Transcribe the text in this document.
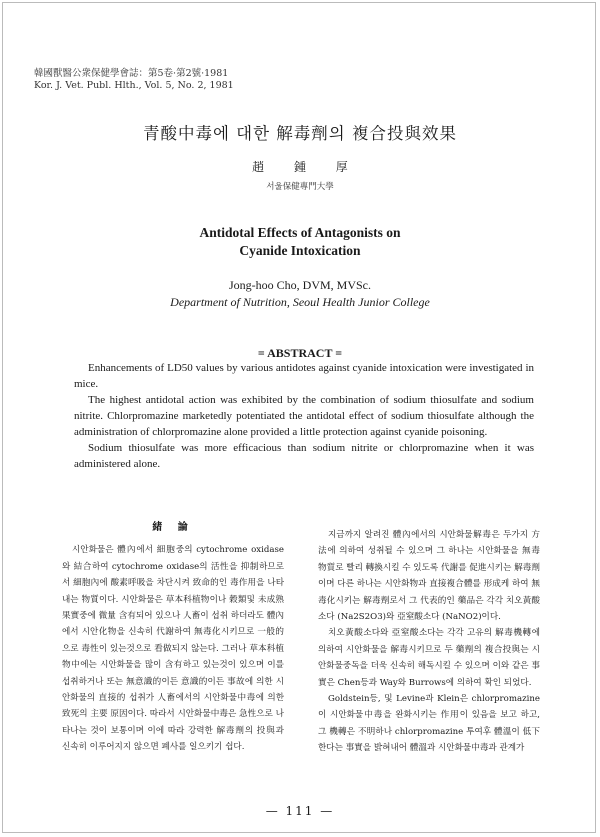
韓國獸醫公衆保健學會誌：第5卷·第2號·1981
Kor. J. Vet. Publ. Hlth., Vol. 5, No. 2, 1981
青酸中毒에 대한 解毒劑의 複合投與效果
趙 鍾 厚
서울保健專門大學
Antidotal Effects of Antagonists on
Cyanide Intoxication
Jong-hoo Cho, DVM, MVSc.
Department of Nutrition, Seoul Health Junior College
= ABSTRACT =

Enhancements of LD50 values by various antidotes against cyanide intoxication were investigated in mice.

The highest antidotal action was exhibited by the combination of sodium thiosulfate and sodium nitrite. Chlorpromazine marketedly potentiated the antidotal effect of sodium thiosulfate although the administration of chlorpromazine alone provided a little protection against cyanide poisoning.

Sodium thiosulfate was more efficacious than sodium nitrite or chlorpromazine when it was administered alone.

緒 論

시안화물은 體內에서 細胞중의 cytochrome oxidase와 結合하여 cytochrome oxidase의 活性을 抑制하므로서 細胞內에 酸素呼吸을 차단시켜 致命的인 毒作用을 나타내는 物質이다. 시안화물은 草本科植物이나 穀類및 未成熟果實중에 微量 含有되어 있으나 人畜이 섭취 하더라도 體內에서 시안化物을 신속히 代謝하여 無毒化시키므로 一般的으로 毒性이 있는것으로 看做되지 않는다. 그러나 草本科植物中에는 시안화물을 많이 含有하고 있는것이 있으며 이를 섭취하거나 또는 無意識的이든 意識的이든 事故에 의한 시안화물의 直接的 섭취가 人畜에서의 시안화물中毒에 의한 致死의 主要 原因이다. 따라서 시안화물中毒은 急性으로 나타나는 것이 보통이며 이에 따라 강력한 解毒劑의 投與과 신속히 이루어지지 않으면 폐사를 일으키기 쉽다.

지금까지 알려진 體內에서의 시안화물解毒은 두가지 方法에 의하여 성취될 수 있으며 그 하나는 시안화물을 無毒物質로 빨리 轉換시킬 수 있도록 代謝를 促進시키는 解毒劑 이며 다른 하나는 시안화物과 直接複合體를 形成케 하여 無毒化시키는 解毒劑로서 그 代表的인 藥品은 각각 치오黃酸소다 (Na2S2O3)와 亞窒酸소다 (NaNO2)이다.

치오黃酸소다와 亞窒酸소다는 각각 고유의 解毒機轉에 의하여 시안화물을 解毒시키므로 두 藥劑의 複合投與는 시안화물중독을 더욱 신속히 해독시킬 수 있으며 이와 같은 事實은 Chen등과 Way와 Burrows에 의하여 확인 되었다.

Goldstein등, 및 Levine과 Klein은 chlorpromazine이 시안화물中毒을 완화시키는 作用이 있음을 보고 하고, 그 機轉은 不明하나 chlorpromazine 투여후 體溫이 低下한다는 事實을 밝혀내어 體溫과 시안화물中毒과 관계가

— 111 —
